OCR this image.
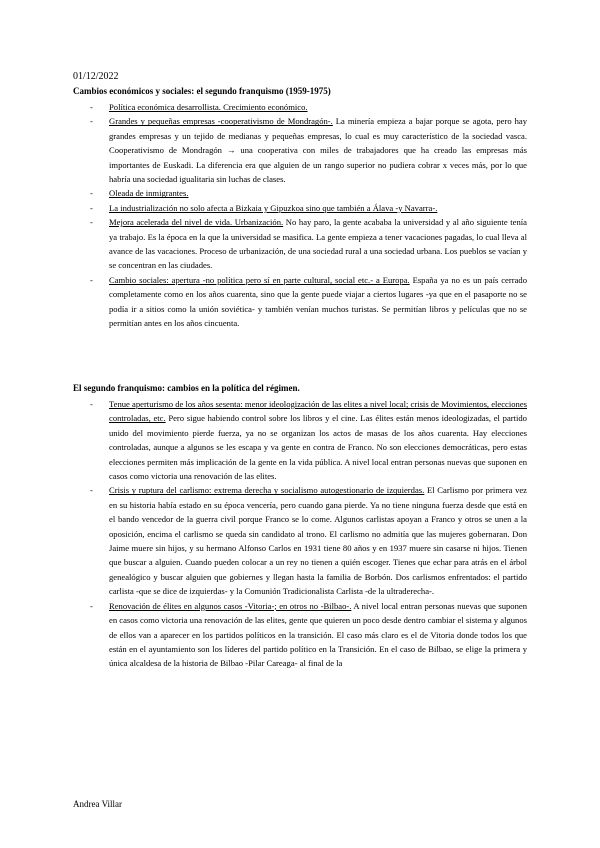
01/12/2022
Cambios económicos y sociales: el segundo franquismo (1959-1975)
- Política económica desarrollista. Crecimiento económico.
- Grandes y pequeñas empresas -cooperativismo de Mondragón-. La minería empieza a bajar porque se agota, pero hay grandes empresas y un tejido de medianas y pequeñas empresas, lo cual es muy característico de la sociedad vasca. Cooperativismo de Mondragón → una cooperativa con miles de trabajadores que ha creado las empresas más importantes de Euskadi. La diferencia era que alguien de un rango superior no pudiera cobrar x veces más, por lo que habría una sociedad igualitaria sin luchas de clases.
- Oleada de inmigrantes.
- La industrialización no solo afecta a Bizkaia y Gipuzkoa sino que también a Álava -y Navarra-.
- Mejora acelerada del nivel de vida. Urbanización. No hay paro, la gente acababa la universidad y al año siguiente tenía ya trabajo. Es la época en la que la universidad se masifica. La gente empieza a tener vacaciones pagadas, lo cual lleva al avance de las vacaciones. Proceso de urbanización, de una sociedad rural a una sociedad urbana. Los pueblos se vacían y se concentran en las ciudades.
- Cambio sociales: apertura -no política pero sí en parte cultural, social etc.- a Europa. España ya no es un país cerrado completamente como en los años cuarenta, sino que la gente puede viajar a ciertos lugares -ya que en el pasaporte no se podía ir a sitios como la unión soviética- y también venían muchos turistas. Se permitían libros y películas que no se permitían antes en los años cincuenta.
El segundo franquismo: cambios en la política del régimen.
- Tenue aperturismo de los años sesenta: menor ideologización de las elites a nivel local; crisis de Movimientos, elecciones controladas, etc. Pero sigue habiendo control sobre los libros y el cine. Las élites están menos ideologizadas, el partido unido del movimiento pierde fuerza, ya no se organizan los actos de masas de los años cuarenta. Hay elecciones controladas, aunque a algunos se les escapa y va gente en contra de Franco. No son elecciones democráticas, pero estas elecciones permiten más implicación de la gente en la vida pública. A nivel local entran personas nuevas que suponen en casos como victoria una renovación de las elites.
- Crisis y ruptura del carlismo: extrema derecha y socialismo autogestionario de izquierdas. El Carlismo por primera vez en su historia había estado en su época vencería, pero cuando gana pierde. Ya no tiene ninguna fuerza desde que está en el bando vencedor de la guerra civil porque Franco se lo come. Algunos carlistas apoyan a Franco y otros se unen a la oposición, encima el carlismo se queda sin candidato al trono. El carlismo no admitía que las mujeres gobernaran. Don Jaime muere sin hijos, y su hermano Alfonso Carlos en 1931 tiene 80 años y en 1937 muere sin casarse ni hijos. Tienen que buscar a alguien. Cuando pueden colocar a un rey no tienen a quién escoger. Tienes que echar para atrás en el árbol genealógico y buscar alguien que gobiernes y llegan hasta la familia de Borbón. Dos carlismos enfrentados: el partido carlista -que se dice de izquierdas- y la Comunión Tradicionalista Carlista -de la ultraderecha-.
- Renovación de élites en algunos casos -Vitoria-; en otros no -Bilbao-. A nivel local entran personas nuevas que suponen en casos como victoria una renovación de las elites, gente que quieren un poco desde dentro cambiar el sistema y algunos de ellos van a aparecer en los partidos políticos en la transición. El caso más claro es el de Vitoria donde todos los que están en el ayuntamiento son los líderes del partido político en la Transición. En el caso de Bilbao, se elige la primera y única alcaldesa de la historia de Bilbao -Pilar Careaga- al final de la
Andrea Villar
